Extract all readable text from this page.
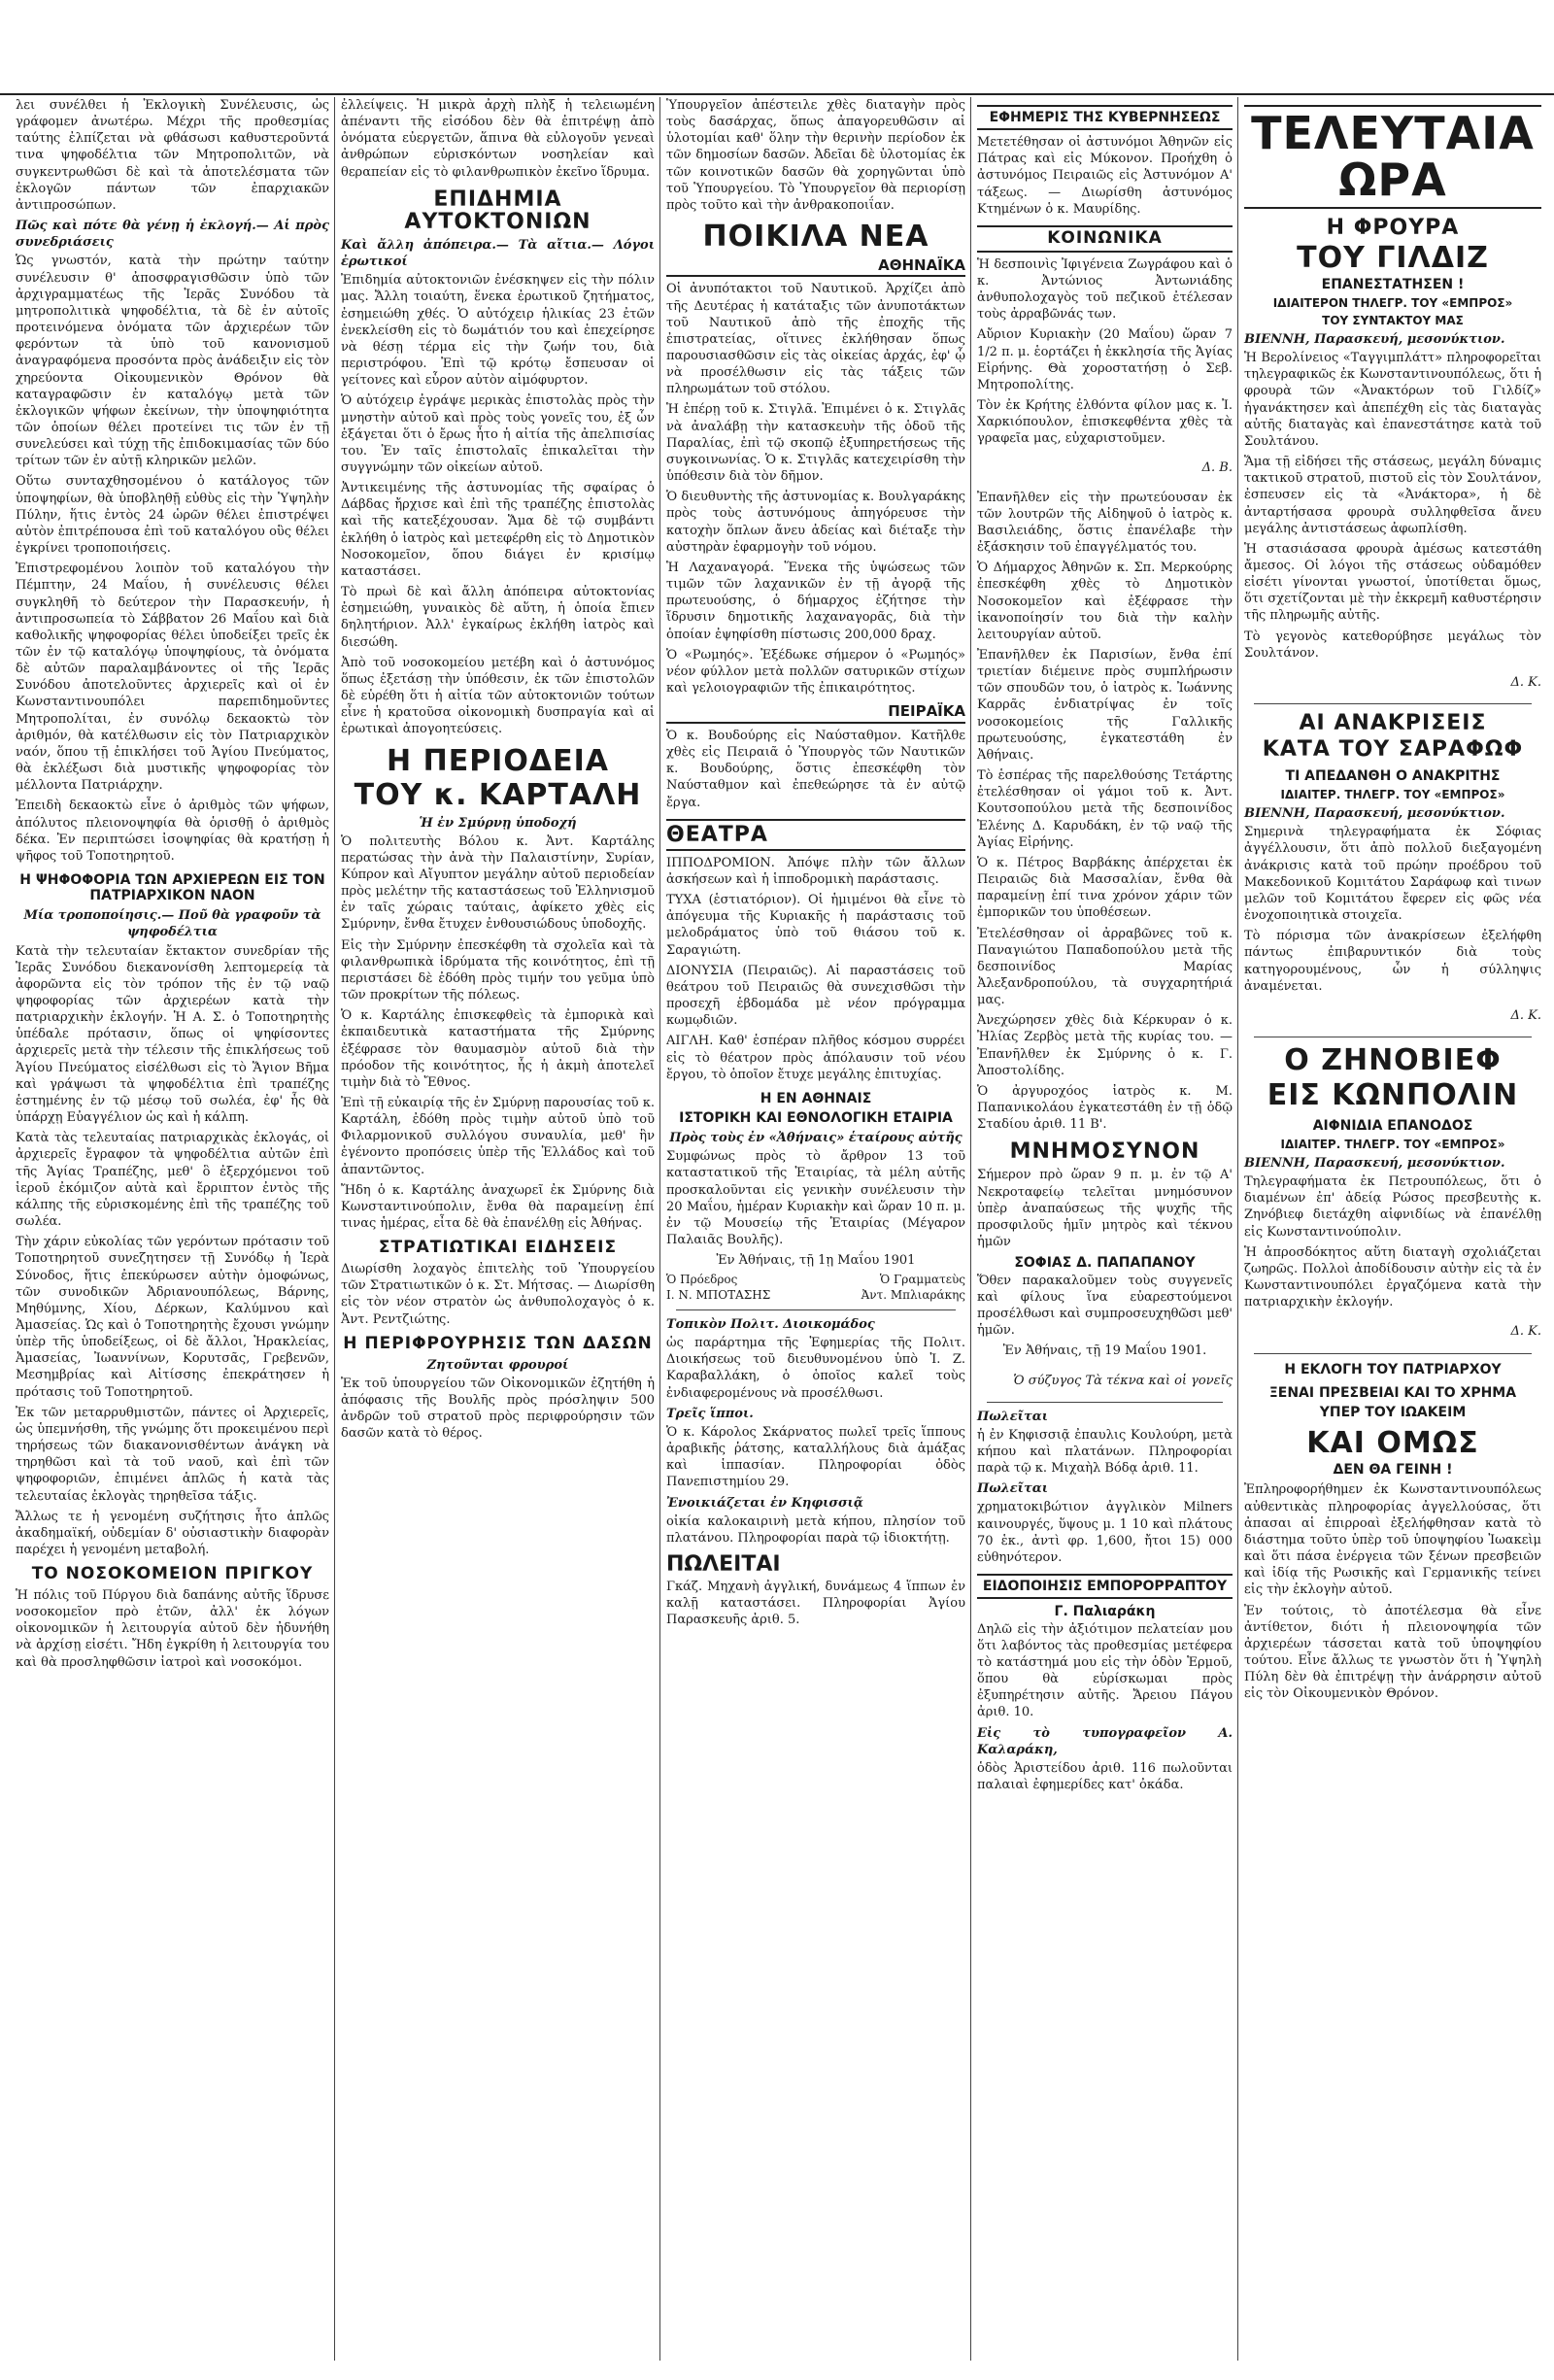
λει συνέλθει ἡ Ἐκλογικὴ Συνέλευσις, ὡς γράφομεν ἀνωτέρω. Μέχρι τῆς προθεσμίας ταύτης ἐλπίζεται νὰ φθάσωσι καθυστεροῦντά τινα ψηφοδέλτια τῶν Μητροπολιτῶν, νὰ συγκεντρωθῶσι δὲ καὶ τὰ ἀποτελέσματα τῶν ἐκλογῶν πάντων τῶν ἐπαρχιακῶν ἀντιπροσώπων.

Πῶς καὶ πότε θὰ γένῃ ἡ ἐκλογή.— Αἱ πρὸς συνεδριάσεις

Ὡς γνωστόν, κατὰ τὴν πρώτην ταύτην συνέλευσιν θ' ἀποσφραγισθῶσιν ὑπὸ τῶν ἀρχιγραμματέως τῆς Ἱερᾶς Συνόδου τὰ μητροπολιτικὰ ψηφοδέλτια, τὰ δὲ ἐν αὐτοῖς προτεινόμενα ὀνόματα τῶν ἀρχιερέων τῶν φερόντων τὰ ὑπὸ τοῦ κανονισμοῦ ἀναγραφόμενα προσόντα πρὸς ἀνάδειξιν εἰς τὸν χηρεύοντα Οἰκουμενικὸν Θρόνον θὰ καταγραφῶσιν ἐν καταλόγῳ μετὰ τῶν ἐκλογικῶν ψήφων ἐκείνων, τὴν ὑποψηφιότητα τῶν ὁποίων θέλει προτείνει τις τῶν ἐν τῇ συνελεύσει καὶ τύχῃ τῆς ἐπιδοκιμασίας τῶν δύο τρίτων τῶν ἐν αὐτῇ κληρικῶν μελῶν.

Οὕτω συνταχθησομένου ὁ κατάλογος τῶν ὑποψηφίων, θὰ ὑποβληθῇ εὐθὺς εἰς τὴν Ὑψηλὴν Πύλην, ἥτις ἐντὸς 24 ὡρῶν θέλει ἐπιστρέψει αὐτὸν ἐπιτρέπουσα ἐπὶ τοῦ καταλόγου οὓς θέλει ἐγκρίνει τροποποιήσεις.

Ἐπιστρεφομένου λοιπὸν τοῦ καταλόγου τὴν Πέμπτην, 24 Μαΐου, ἡ συνέλευσις θέλει συγκληθῆ τὸ δεύτερον τὴν Παρασκευήν, ἡ ἀντιπροσωπεία τὸ Σάββατον 26 Μαΐου καὶ διὰ καθολικῆς ψηφοφορίας θέλει ὑποδείξει τρεῖς ἐκ τῶν ἐν τῷ καταλόγῳ ὑποψηφίους, τὰ ὀνόματα δὲ αὐτῶν παραλαμβάνοντες οἱ τῆς Ἱερᾶς Συνόδου ἀποτελοῦντες ἀρχιερεῖς καὶ οἱ ἐν Κωνσταντινουπόλει παρεπιδημοῦντες Μητροπολίται, ἐν συνόλῳ δεκαοκτὼ τὸν ἀριθμόν, θὰ κατέλθωσιν εἰς τὸν Πατριαρχικὸν ναόν, ὅπου τῇ ἐπικλήσει τοῦ Ἁγίου Πνεύματος, θὰ ἐκλέξωσι διὰ μυστικῆς ψηφοφορίας τὸν μέλλοντα Πατριάρχην.

Ἐπειδὴ δεκαοκτὼ εἶνε ὁ ἀριθμὸς τῶν ψήφων, ἀπόλυτος πλειονοψηφία θὰ ὁρισθῇ ὁ ἀριθμὸς δέκα. Ἐν περιπτώσει ἰσοψηφίας θὰ κρατήσῃ ἡ ψῆφος τοῦ Τοποτηρητοῦ.

Η ΨΗΦΟΦΟΡΙΑ ΤΩΝ ΑΡΧΙΕΡΕΩΝ ΕΙΣ ΤΟΝ ΠΑΤΡΙΑΡΧΙΚΟΝ ΝΑΟΝ
Μία τροποποίησις.— Ποῦ θὰ γραφοῦν τὰ ψηφοδέλτια

Κατὰ τὴν τελευταίαν ἔκτακτον συνεδρίαν τῆς Ἱερᾶς Συνόδου διεκανονίσθη λεπτομερείᾳ τὰ ἀφορῶντα εἰς τὸν τρόπον τῆς ἐν τῷ ναῷ ψηφοφορίας τῶν ἀρχιερέων κατὰ τὴν πατριαρχικὴν ἐκλογήν. Ἡ Α. Σ. ὁ Τοποτηρητὴς ὑπέδαλε πρότασιν, ὅπως οἱ ψηφίσοντες ἀρχιερεῖς μετὰ τὴν τέλεσιν τῆς ἐπικλήσεως τοῦ Ἁγίου Πνεύματος εἰσέλθωσι εἰς τὸ Ἅγιον Βῆμα καὶ γράψωσι τὰ ψηφοδέλτια ἐπὶ τραπέζης ἑστημένης ἐν τῷ μέσῳ τοῦ σωλέα, ἐφ' ἧς θὰ ὑπάρχῃ Εὐαγγέλιον ὡς καὶ ἡ κάλπη.

Κατὰ τὰς τελευταίας πατριαρχικὰς ἐκλογάς, οἱ ἀρχιερεῖς ἔγραφον τὰ ψηφοδέλτια αὐτῶν ἐπὶ τῆς Ἁγίας Τραπέζης, μεθ' ὃ ἐξερχόμενοι τοῦ ἱεροῦ ἐκόμιζον αὐτὰ καὶ ἔρριπτον ἐντὸς τῆς κάλπης τῆς εὑρισκομένης ἐπὶ τῆς τραπέζης τοῦ σωλέα.

Τὴν χάριν εὐκολίας τῶν γερόντων πρότασιν τοῦ Τοποτηρητοῦ συνεζητησεν τῇ Συνόδῳ ἡ Ἱερὰ Σύνοδος, ἥτις ἐπεκύρωσεν αὐτὴν ὁμοφώνως, τῶν συνοδικῶν Ἀδριανουπόλεως, Βάρνης, Μηθύμνης, Χίου, Δέρκων, Καλύμνου καὶ Ἀμασείας. Ὡς καὶ ὁ Τοποτηρητὴς ἔχουσι γνώμην ὑπὲρ τῆς ὑποδείξεως, οἱ δὲ ἄλλοι, Ἡρακλείας, Ἀμασείας, Ἰωαννίνων, Κορυτσᾶς, Γρεβενῶν, Μεσημβρίας καὶ Αἰτίσσης ἐπεκράτησεν ἡ πρότασις τοῦ Τοποτηρητοῦ.

Ἐκ τῶν μεταρρυθμιστῶν, πάντες οἱ Ἀρχιερεῖς, ὡς ὑπεμνήσθη, τῆς γνώμης ὅτι προκειμένου περὶ τηρήσεως τῶν διακανονισθέντων ἀνάγκη νὰ τηρηθῶσι καὶ τὰ τοῦ ναοῦ, καὶ ἐπὶ τῶν ψηφοφοριῶν, ἐπιμένει ἁπλῶς ἡ κατὰ τὰς τελευταίας ἐκλογὰς τηρηθεῖσα τάξις.

Ἄλλως τε ἡ γενομένη συζήτησις ἦτο ἁπλῶς ἀκαδημαϊκή, οὐδεμίαν δ' οὐσιαστικὴν διαφορὰν παρέχει ἡ γενομένη μεταβολή.

ΤΟ ΝΟΣΟΚΟΜΕΙΟΝ ΠΡΙΓΚΟΥ

Ἡ πόλις τοῦ Πύργου διὰ δαπάνης αὐτῆς ἵδρυσε νοσοκομεῖον πρὸ ἐτῶν, ἀλλ' ἐκ λόγων οἰκονομικῶν ἡ λειτουργία αὐτοῦ δὲν ἠδυνήθη νὰ ἀρχίσῃ εἰσέτι. Ἤδη ἐγκρίθη ἡ λειτουργία του καὶ θὰ προσληφθῶσιν ἰατροὶ καὶ νοσοκόμοι.

ἐλλείψεις. Ἡ μικρὰ ἀρχὴ πλὴξ ἡ τελειωμένη ἀπέναντι τῆς εἰσόδου δὲν θὰ ἐπιτρέψῃ ἀπὸ ὀνόματα εὐεργετῶν, ἅπινα θὰ εὐλογοῦν γενεαὶ ἀνθρώπων εὑρισκόντων νοσηλείαν καὶ θεραπείαν εἰς τὸ φιλανθρωπικὸν ἐκεῖνο ἵδρυμα.

ΕΠΙΔΗΜΙΑ ΑΥΤΟΚΤΟΝΙΩΝ
Καὶ ἄλλη ἀπόπειρα.— Τὰ αἴτια.— Λόγοι ἐρωτικοί

Ἐπιδημία αὐτοκτονιῶν ἐνέσκηψεν εἰς τὴν πόλιν μας. Ἄλλη τοιαύτη, ἕνεκα ἐρωτικοῦ ζητήματος, ἐσημειώθη χθές. Ὁ αὐτόχειρ ἡλικίας 23 ἐτῶν ἐνεκλείσθη εἰς τὸ δωμάτιόν του καὶ ἐπεχείρησε νὰ θέσῃ τέρμα εἰς τὴν ζωήν του, διὰ περιστρόφου. Ἐπὶ τῷ κρότῳ ἔσπευσαν οἱ γείτονες καὶ εὗρον αὐτὸν αἱμόφυρτον.

Ὁ αὐτόχειρ ἐγράψε μερικὰς ἐπιστολὰς πρὸς τὴν μνηστὴν αὐτοῦ καὶ πρὸς τοὺς γονεῖς του, ἐξ ὧν ἐξάγεται ὅτι ὁ ἔρως ἦτο ἡ αἰτία τῆς ἀπελπισίας του. Ἐν ταῖς ἐπιστολαῖς ἐπικαλεῖται τὴν συγγνώμην τῶν οἰκείων αὐτοῦ.

Ἀντικειμένης τῆς ἀστυνομίας τῆς σφαίρας ὁ Δάβδας ἤρχισε καὶ ἐπὶ τῆς τραπέζης ἐπιστολὰς καὶ τῆς κατεξέχουσαν. Ἅμα δὲ τῷ συμβάντι ἐκλήθη ὁ ἰατρὸς καὶ μετεφέρθη εἰς τὸ Δημοτικὸν Νοσοκομεῖον, ὅπου διάγει ἐν κρισίμῳ καταστάσει.

Τὸ πρωὶ δὲ καὶ ἄλλη ἀπόπειρα αὐτοκτονίας ἐσημειώθη, γυναικὸς δὲ αὕτη, ἡ ὁποία ἔπιεν δηλητήριον. Ἀλλ' ἐγκαίρως ἐκλήθη ἰατρὸς καὶ διεσώθη.

Ἀπὸ τοῦ νοσοκομείου μετέβη καὶ ὁ ἀστυνόμος ὅπως ἐξετάσῃ τὴν ὑπόθεσιν, ἐκ τῶν ἐπιστολῶν δὲ εὑρέθη ὅτι ἡ αἰτία τῶν αὐτοκτονιῶν τούτων εἶνε ἡ κρατοῦσα οἰκονομικὴ δυσπραγία καὶ αἱ ἐρωτικαὶ ἀπογοητεύσεις.

Η ΠΕΡΙΟΔΕΙΑ
ΤΟΥ κ. ΚΑΡΤΑΛΗ
Ἡ ἐν Σμύρνῃ ὑποδοχή

Ὁ πολιτευτὴς Βόλου κ. Ἀντ. Καρτάλης περατώσας τὴν ἀνὰ τὴν Παλαιστίνην, Συρίαν, Κύπρον καὶ Αἴγυπτον μεγάλην αὐτοῦ περιοδείαν πρὸς μελέτην τῆς καταστάσεως τοῦ Ἑλληνισμοῦ ἐν ταῖς χώραις ταύταις, ἀφίκετο χθὲς εἰς Σμύρνην, ἔνθα ἔτυχεν ἐνθουσιώδους ὑποδοχῆς.

Εἰς τὴν Σμύρνην ἐπεσκέφθη τὰ σχολεῖα καὶ τὰ φιλανθρωπικὰ ἱδρύματα τῆς κοινότητος, ἐπὶ τῇ περιστάσει δὲ ἐδόθη πρὸς τιμήν του γεῦμα ὑπὸ τῶν προκρίτων τῆς πόλεως.

Ὁ κ. Καρτάλης ἐπισκεφθεὶς τὰ ἐμπορικὰ καὶ ἐκπαιδευτικὰ καταστήματα τῆς Σμύρνης ἐξέφρασε τὸν θαυμασμὸν αὐτοῦ διὰ τὴν πρόοδον τῆς κοινότητος, ἧς ἡ ἀκμὴ ἀποτελεῖ τιμὴν διὰ τὸ Ἔθνος.

Ἐπὶ τῇ εὐκαιρίᾳ τῆς ἐν Σμύρνῃ παρουσίας τοῦ κ. Καρτάλη, ἐδόθη πρὸς τιμὴν αὐτοῦ ὑπὸ τοῦ Φιλαρμονικοῦ συλλόγου συναυλία, μεθ' ἣν ἐγένοντο προπόσεις ὑπὲρ τῆς Ἑλλάδος καὶ τοῦ ἀπαντῶντος.

Ἤδη ὁ κ. Καρτάλης ἀναχωρεῖ ἐκ Σμύρνης διὰ Κωνσταντινούπολιν, ἔνθα θὰ παραμείνῃ ἐπί τινας ἡμέρας, εἶτα δὲ θὰ ἐπανέλθῃ εἰς Ἀθήνας.

ΣΤΡΑΤΙΩΤΙΚΑΙ ΕΙΔΗΣΕΙΣ

Διωρίσθη λοχαγὸς ἐπιτελὴς τοῦ Ὑπουργείου τῶν Στρατιωτικῶν ὁ κ. Στ. Μήτσας. — Διωρίσθη εἰς τὸν νέον στρατὸν ὡς ἀνθυπολοχαγὸς ὁ κ. Ἀντ. Ρεντζιώτης.

Η ΠΕΡΙΦΡΟΥΡΗΣΙΣ ΤΩΝ ΔΑΣΩΝ
Ζητοῦνται φρουροί

Ἐκ τοῦ ὑπουργείου τῶν Οἰκονομικῶν ἐζητήθη ἡ ἀπόφασις τῆς Βουλῆς πρὸς πρόσληψιν 500 ἀνδρῶν τοῦ στρατοῦ πρὸς περιφρούρησιν τῶν δασῶν κατὰ τὸ θέρος.

Ὑπουργεῖον ἀπέστειλε χθὲς διαταγὴν πρὸς τοὺς δασάρχας, ὅπως ἀπαγορευθῶσιν αἱ ὑλοτομίαι καθ' ὅλην τὴν θερινὴν περίοδον ἐκ τῶν δημοσίων δασῶν. Ἀδεῖαι δὲ ὑλοτομίας ἐκ τῶν κοινοτικῶν δασῶν θὰ χορηγῶνται ὑπὸ τοῦ Ὑπουργείου. Τὸ Ὑπουργεῖον θὰ περιορίσῃ πρὸς τοῦτο καὶ τὴν ἀνθρακοποιΐαν.

ΠΟΙΚΙΛΑ ΝΕΑ
ΑΘΗΝΑΪΚΑ

Οἱ ἀνυπότακτοι τοῦ Ναυτικοῦ. Ἀρχίζει ἀπὸ τῆς Δευτέρας ἡ κατάταξις τῶν ἀνυποτάκτων τοῦ Ναυτικοῦ ἀπὸ τῆς ἐποχῆς τῆς ἐπιστρατείας, οἵτινες ἐκλήθησαν ὅπως παρουσιασθῶσιν εἰς τὰς οἰκείας ἀρχάς, ἐφ' ᾧ νὰ προσέλθωσιν εἰς τὰς τάξεις τῶν πληρωμάτων τοῦ στόλου.

Ἡ ἐπέρῃ τοῦ κ. Στιγλᾶ. Ἐπιμένει ὁ κ. Στιγλᾶς νὰ ἀναλάβῃ τὴν κατασκευὴν τῆς ὁδοῦ τῆς Παραλίας, ἐπὶ τῷ σκοπῷ ἐξυπηρετήσεως τῆς συγκοινωνίας. Ὁ κ. Στιγλᾶς κατεχειρίσθη τὴν ὑπόθεσιν διὰ τὸν δῆμον.

Ὁ διευθυντὴς τῆς ἀστυνομίας κ. Βουλγαράκης πρὸς τοὺς ἀστυνόμους ἀπηγόρευσε τὴν κατοχὴν ὅπλων ἄνευ ἀδείας καὶ διέταξε τὴν αὐστηρὰν ἐφαρμογὴν τοῦ νόμου.

Ἡ Λαχαναγορά. Ἕνεκα τῆς ὑψώσεως τῶν τιμῶν τῶν λαχανικῶν ἐν τῇ ἀγορᾷ τῆς πρωτευούσης, ὁ δήμαρχος ἐζήτησε τὴν ἵδρυσιν δημοτικῆς λαχαναγορᾶς, διὰ τὴν ὁποίαν ἐψηφίσθη πίστωσις 200,000 δραχ.

Ὁ «Ρωμηός». Ἐξέδωκε σήμερον ὁ «Ρωμηός» νέον φύλλον μετὰ πολλῶν σατυρικῶν στίχων καὶ γελοιογραφιῶν τῆς ἐπικαιρότητος.

ΠΕΙΡΑΪΚΑ

Ὁ κ. Βουδούρης εἰς Ναύσταθμον. Κατῆλθε χθὲς εἰς Πειραιᾶ ὁ Ὑπουργὸς τῶν Ναυτικῶν κ. Βουδούρης, ὅστις ἐπεσκέφθη τὸν Ναύσταθμον καὶ ἐπεθεώρησε τὰ ἐν αὐτῷ ἔργα.

ΘΕΑΤΡΑ

ΙΠΠΟΔΡΟΜΙΟΝ. Ἀπόψε πλὴν τῶν ἄλλων ἀσκήσεων καὶ ἡ ἱπποδρομικὴ παράστασις.

ΤΥΧΑ (ἑστιατόριον). Οἱ ἡμιμένοι θὰ εἶνε τὸ ἀπόγευμα τῆς Κυριακῆς ἡ παράστασις τοῦ μελοδράματος ὑπὸ τοῦ θιάσου τοῦ κ. Σαραγιώτη.

ΔΙΟΝΥΣΙΑ (Πειραιῶς). Αἱ παραστάσεις τοῦ θεάτρου τοῦ Πειραιῶς θὰ συνεχισθῶσι τὴν προσεχῆ ἑβδομάδα μὲ νέον πρόγραμμα κωμῳδιῶν.

ΑΙΓΛΗ. Καθ' ἑσπέραν πλῆθος κόσμου συρρέει εἰς τὸ θέατρον πρὸς ἀπόλαυσιν τοῦ νέου ἔργου, τὸ ὁποῖον ἔτυχε μεγάλης ἐπιτυχίας.

Η ΕΝ ΑΘΗΝΑΙΣ
ΙΣΤΟΡΙΚΗ ΚΑΙ ΕΘΝΟΛΟΓΙΚΗ ΕΤΑΙΡΙΑ
Πρὸς τοὺς ἐν «Ἀθήναις» ἑταίρους αὐτῆς

Συμφώνως πρὸς τὸ ἄρθρον 13 τοῦ καταστατικοῦ τῆς Ἑταιρίας, τὰ μέλη αὐτῆς προσκαλοῦνται εἰς γενικὴν συνέλευσιν τὴν 20 Μαΐου, ἡμέραν Κυριακὴν καὶ ὥραν 10 π. μ. ἐν τῷ Μουσείῳ τῆς Ἑταιρίας (Μέγαρον Παλαιᾶς Βουλῆς).

Ἐν Ἀθήναις, τῇ 1ῃ Μαΐου 1901

Ὁ Πρόεδρος
Ι. Ν. ΜΠΟΤΑΣΗΣ
Ὁ Γραμματεὺς
Ἀντ. Μπλιαράκης
Τοπικὸν Πολιτ. Διοικομάδος

ὡς παράρτημα τῆς Ἑφημερίας τῆς Πολιτ. Διοικήσεως τοῦ διευθυνομένου ὑπὸ Ἰ. Ζ. Καραβαλλάκη, ὁ ὁποῖος καλεῖ τοὺς ἐνδιαφερομένους νὰ προσέλθωσι.

Τρεῖς ἵπποι.

Ὁ κ. Κάρολος Σκάρνατος πωλεῖ τρεῖς ἵππους ἀραβικῆς ῥάτσης, καταλλήλους διὰ ἁμάξας καὶ ἱππασίαν. Πληροφορίαι ὁδὸς Πανεπιστημίου 29.

Ἐνοικιάζεται ἐν Κηφισσιᾷ

οἰκία καλοκαιρινὴ μετὰ κήπου, πλησίον τοῦ πλατάνου. Πληροφορίαι παρὰ τῷ ἰδιοκτήτῃ.

ΠΩΛΕΙΤΑΙ

Γκάζ. Μηχανὴ ἀγγλική, δυνάμεως 4 ἵππων ἐν καλῇ καταστάσει. Πληροφορίαι Ἀγίου Παρασκευῆς ἀριθ. 5.

ΕΦΗΜΕΡΙΣ ΤΗΣ ΚΥΒΕΡΝΗΣΕΩΣ

Μετετέθησαν οἱ ἀστυνόμοι Ἀθηνῶν εἰς Πάτρας καὶ εἰς Μύκονον. Προήχθη ὁ ἀστυνόμος Πειραιῶς εἰς Ἀστυνόμον Α' τάξεως. — Διωρίσθη ἀστυνόμος Κτημένων ὁ κ. Μαυρίδης.

ΚΟΙΝΩΝΙΚΑ

Ἡ δεσποινὶς Ἰφιγένεια Ζωγράφου καὶ ὁ κ. Ἀντώνιος Ἀντωνιάδης ἀνθυπολοχαγὸς τοῦ πεζικοῦ ἐτέλεσαν τοὺς ἀρραβῶνάς των.

Αὔριον Κυριακὴν (20 Μαΐου) ὥραν 7 1/2 π. μ. ἑορτάζει ἡ ἐκκλησία τῆς Ἁγίας Εἰρήνης. Θὰ χοροστατήσῃ ὁ Σεβ. Μητροπολίτης.

Τὸν ἐκ Κρήτης ἐλθόντα φίλον μας κ. Ἰ. Χαρκιόπουλον, ἐπισκεφθέντα χθὲς τὰ γραφεῖα μας, εὐχαριστοῦμεν.

Δ. Β.

Ἐπανῆλθεν εἰς τὴν πρωτεύουσαν ἐκ τῶν λουτρῶν τῆς Αἰδηψοῦ ὁ ἰατρὸς κ. Βασιλειάδης, ὅστις ἐπανέλαβε τὴν ἐξάσκησιν τοῦ ἐπαγγέλματός του.

Ὁ Δήμαρχος Ἀθηνῶν κ. Σπ. Μερκούρης ἐπεσκέφθη χθὲς τὸ Δημοτικὸν Νοσοκομεῖον καὶ ἐξέφρασε τὴν ἱκανοποίησίν του διὰ τὴν καλὴν λειτουργίαν αὐτοῦ.

Ἐπανῆλθεν ἐκ Παρισίων, ἔνθα ἐπί τριετίαν διέμεινε πρὸς συμπλήρωσιν τῶν σπουδῶν του, ὁ ἰατρὸς κ. Ἰωάννης Καρρᾶς ἐνδιατρίψας ἐν τοῖς νοσοκομείοις τῆς Γαλλικῆς πρωτευούσης, ἐγκατεστάθη ἐν Ἀθήναις.

Τὸ ἑσπέρας τῆς παρελθούσης Τετάρτης ἐτελέσθησαν οἱ γάμοι τοῦ κ. Ἀντ. Κουτσοπούλου μετὰ τῆς δεσποινίδος Ἑλένης Δ. Καρυδάκη, ἐν τῷ ναῷ τῆς Ἁγίας Εἰρήνης.

Ὁ κ. Πέτρος Βαρβάκης ἀπέρχεται ἐκ Πειραιῶς διὰ Μασσαλίαν, ἔνθα θὰ παραμείνῃ ἐπί τινα χρόνον χάριν τῶν ἐμπορικῶν του ὑποθέσεων.

Ἐτελέσθησαν οἱ ἀρραβῶνες τοῦ κ. Παναγιώτου Παπαδοπούλου μετὰ τῆς δεσποινίδος Μαρίας Ἀλεξανδροπούλου, τὰ συγχαρητήριά μας.

Ἀνεχώρησεν χθὲς διὰ Κέρκυραν ὁ κ. Ἠλίας Ζερβὸς μετὰ τῆς κυρίας του. — Ἐπανῆλθεν ἐκ Σμύρνης ὁ κ. Γ. Ἀποστολίδης.

Ὁ ἀργυροχόος ἰατρὸς κ. Μ. Παπανικολάου ἐγκατεστάθη ἐν τῇ ὁδῷ Σταδίου ἀριθ. 11 Β'.

ΜΝΗΜΟΣΥΝΟΝ

Σήμερον πρὸ ὥραν 9 π. μ. ἐν τῷ Α' Νεκροταφείῳ τελεῖται μνημόσυνον ὑπὲρ ἀναπαύσεως τῆς ψυχῆς τῆς προσφιλοῦς ἡμῖν μητρὸς καὶ τέκνου ἡμῶν

ΣΟΦΙΑΣ Δ. ΠΑΠΑΠΑΝΟΥ

Ὅθεν παρακαλοῦμεν τοὺς συγγενεῖς καὶ φίλους ἵνα εὐαρεστούμενοι προσέλθωσι καὶ συμπροσευχηθῶσι μεθ' ἡμῶν.

Ἐν Ἀθήναις, τῇ 19 Μαΐου 1901.

Ὁ σύζυγος Τὰ τέκνα καὶ οἱ γονεῖς

Πωλεῖται

ἡ ἐν Κηφισσιᾷ ἐπαυλις Κουλούρη, μετὰ κήπου καὶ πλατάνων. Πληροφορίαι παρὰ τῷ κ. Μιχαὴλ Βόδᾳ ἀριθ. 11.

Πωλεῖται

χρηματοκιβώτιον ἀγγλικὸν Milners καινουργές, ὕψους μ. 1 10 καὶ πλάτους 70 ἑκ., ἀντὶ φρ. 1,600, ἤτοι 15) 000 εὐθηνότερον.

ΕΙΔΟΠΟΙΗΣΙΣ ΕΜΠΟΡΟΡΡΑΠΤΟΥ
Γ. Παλιαράκη

Δηλῶ εἰς τὴν ἀξιότιμον πελατείαν μου ὅτι λαβόντος τὰς προθεσμίας μετέφερα τὸ κατάστημά μου εἰς τὴν ὁδὸν Ἑρμοῦ, ὅπου θὰ εὑρίσκωμαι πρὸς ἐξυπηρέτησιν αὐτῆς. Ἄρειου Πάγου ἀριθ. 10.

Εἰς τὸ τυπογραφεῖον Α. Καλαράκη,

ὁδὸς Ἀριστείδου ἀριθ. 116 πωλοῦνται παλαιαὶ ἐφημερίδες κατ' ὀκάδα.

ΤΕΛΕΥΤΑΙΑ ΩΡΑ
Η ΦΡΟΥΡΑ
ΤΟΥ ΓΙΛΔΙΖ
ΕΠΑΝΕΣΤΑΤΗΣΕΝ !
ΙΔΙΑΙΤΕΡΟΝ ΤΗΛΕΓΡ. ΤΟΥ «ΕΜΠΡΟΣ»
ΤΟΥ ΣΥΝΤΑΚΤΟΥ ΜΑΣ
ΒΙΕΝΝΗ, Παρασκευή, μεσονύκτιον.

Ἡ Βερολίνειος «Ταγγιμπλάττ» πληροφορεῖται τηλεγραφικῶς ἐκ Κωνσταντινουπόλεως, ὅτι ἡ φρουρὰ τῶν «Ἀνακτόρων τοῦ Γιλδίζ» ἠγανάκτησεν καὶ ἀπεπέχθη εἰς τὰς διαταγὰς αὐτῆς διαταγὰς καὶ ἐπανεστάτησε κατὰ τοῦ Σουλτάνου.

Ἅμα τῇ εἰδήσει τῆς στάσεως, μεγάλη δύναμις τακτικοῦ στρατοῦ, πιστοῦ εἰς τὸν Σουλτάνον, ἐσπευσεν εἰς τὰ «Ἀνάκτορα», ἡ δὲ ἀνταρτήσασα φρουρὰ συλληφθεῖσα ἄνευ μεγάλης ἀντιστάσεως ἀφωπλίσθη.

Ἡ στασιάσασα φρουρὰ ἀμέσως κατεστάθη ἄμεσος. Οἱ λόγοι τῆς στάσεως οὐδαμόθεν εἰσέτι γίνονται γνωστοί, ὑποτίθεται ὅμως, ὅτι σχετίζονται μὲ τὴν ἐκκρεμῆ καθυστέρησιν τῆς πληρωμῆς αὐτῆς.

Τὸ γεγονὸς κατεθορύβησε μεγάλως τὸν Σουλτάνον.

Δ. Κ.

ΑΙ ΑΝΑΚΡΙΣΕΙΣ
ΚΑΤΑ ΤΟΥ ΣΑΡΑΦΩΦ
ΤΙ ΑΠΕΔΑΝΘΗ Ο ΑΝΑΚΡΙΤΗΣ
ΙΔΙΑΙΤΕΡ. ΤΗΛΕΓΡ. ΤΟΥ «ΕΜΠΡΟΣ»
ΒΙΕΝΝΗ, Παρασκευή, μεσονύκτιον.

Σημερινὰ τηλεγραφήματα ἐκ Σόφιας ἀγγέλλουσιν, ὅτι ἀπὸ πολλοῦ διεξαγομένη ἀνάκρισις κατὰ τοῦ πρώην προέδρου τοῦ Μακεδονικοῦ Κομιτάτου Σαράφωφ καὶ τινων μελῶν τοῦ Κομιτάτου ἔφερεν εἰς φῶς νέα ἐνοχοποιητικὰ στοιχεῖα.

Τὸ πόρισμα τῶν ἀνακρίσεων ἐξελήφθη πάντως ἐπιβαρυντικόν διὰ τοὺς κατηγορουμένους, ὧν ἡ σύλληψις ἀναμένεται.

Δ. Κ.

Ο ΖΗΝΟΒΙΕΦ
ΕΙΣ ΚΩΝΠΟΛΙΝ
ΑΙΦΝΙΔΙΑ ΕΠΑΝΟΔΟΣ
ΙΔΙΑΙΤΕΡ. ΤΗΛΕΓΡ. ΤΟΥ «ΕΜΠΡΟΣ»
ΒΙΕΝΝΗ, Παρασκευή, μεσονύκτιον.

Τηλεγραφήματα ἐκ Πετρουπόλεως, ὅτι ὁ διαμένων ἐπ' ἀδείᾳ Ρώσος πρεσβευτὴς κ. Ζηνόβιεφ διετάχθη αἰφνιδίως νὰ ἐπανέλθῃ εἰς Κωνσταντινούπολιν.

Ἡ ἀπροσδόκητος αὕτη διαταγὴ σχολιάζεται ζωηρῶς. Πολλοὶ ἀποδίδουσιν αὐτὴν εἰς τὰ ἐν Κωνσταντινουπόλει ἐργαζόμενα κατὰ τὴν πατριαρχικὴν ἐκλογήν.

Δ. Κ.

Η ΕΚΛΟΓΗ ΤΟΥ ΠΑΤΡΙΑΡΧΟΥ
ΞΕΝΑΙ ΠΡΕΣΒΕΙΑΙ ΚΑΙ ΤΟ ΧΡΗΜΑ
ΥΠΕΡ ΤΟΥ ΙΩΑΚΕΙΜ
ΚΑΙ ΟΜΩΣ
ΔΕΝ ΘΑ ΓΕΙΝΗ !

Ἐπληροφορήθημεν ἐκ Κωνσταντινουπόλεως αὐθεντικὰς πληροφορίας ἀγγελλούσας, ὅτι ἀπασαι αἱ ἐπιρροαὶ ἐξελήφθησαν κατὰ τὸ διάστημα τοῦτο ὑπὲρ τοῦ ὑποψηφίου Ἰωακεὶμ καὶ ὅτι πάσα ἐνέργεια τῶν ξένων πρεσβειῶν καὶ ἰδίᾳ τῆς Ρωσικῆς καὶ Γερμανικῆς τείνει εἰς τὴν ἐκλογὴν αὐτοῦ.

Ἐν τούτοις, τὸ ἀποτέλεσμα θὰ εἶνε ἀντίθετον, διότι ἡ πλειονοψηφία τῶν ἀρχιερέων τάσσεται κατὰ τοῦ ὑποψηφίου τούτου. Εἶνε ἄλλως τε γνωστὸν ὅτι ἡ Ὑψηλὴ Πύλη δὲν θὰ ἐπιτρέψῃ τὴν ἀνάρρησιν αὐτοῦ εἰς τὸν Οἰκουμενικὸν Θρόνον.
